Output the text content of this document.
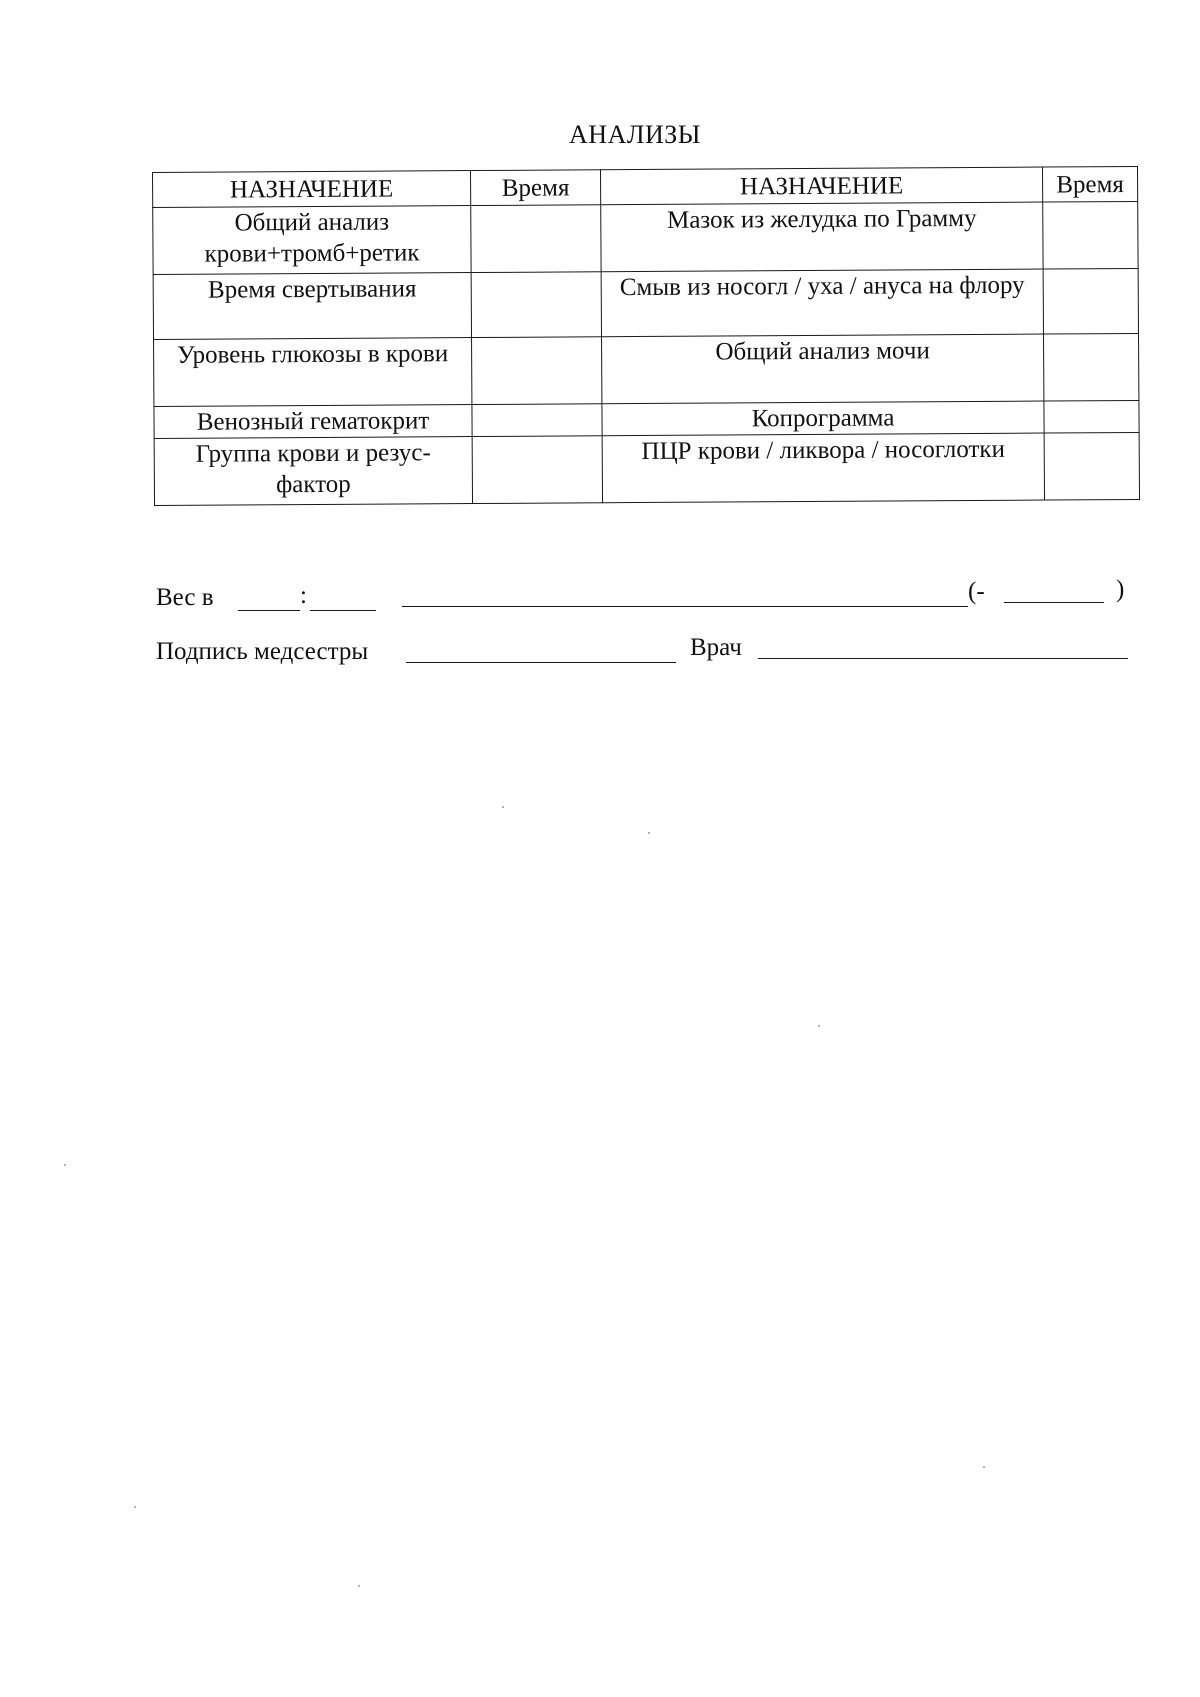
АНАЛИЗЫ
НАЗНАЧЕНИЕ	Время	НАЗНАЧЕНИЕ	Время
Общий анализ крови+тромб+ретик		Мазок из желудка по Грамму	
Время свертывания		Смыв из носогл / уха / ануса на флору	
Уровень глюкозы в крови		Общий анализ мочи	
Венозный гематокрит		Копрограмма	
Группа крови и резус-фактор		ПЦР крови / ликвора / носоглотки	
Вес в	:	(-	)
Подпись медсестры	Врач
